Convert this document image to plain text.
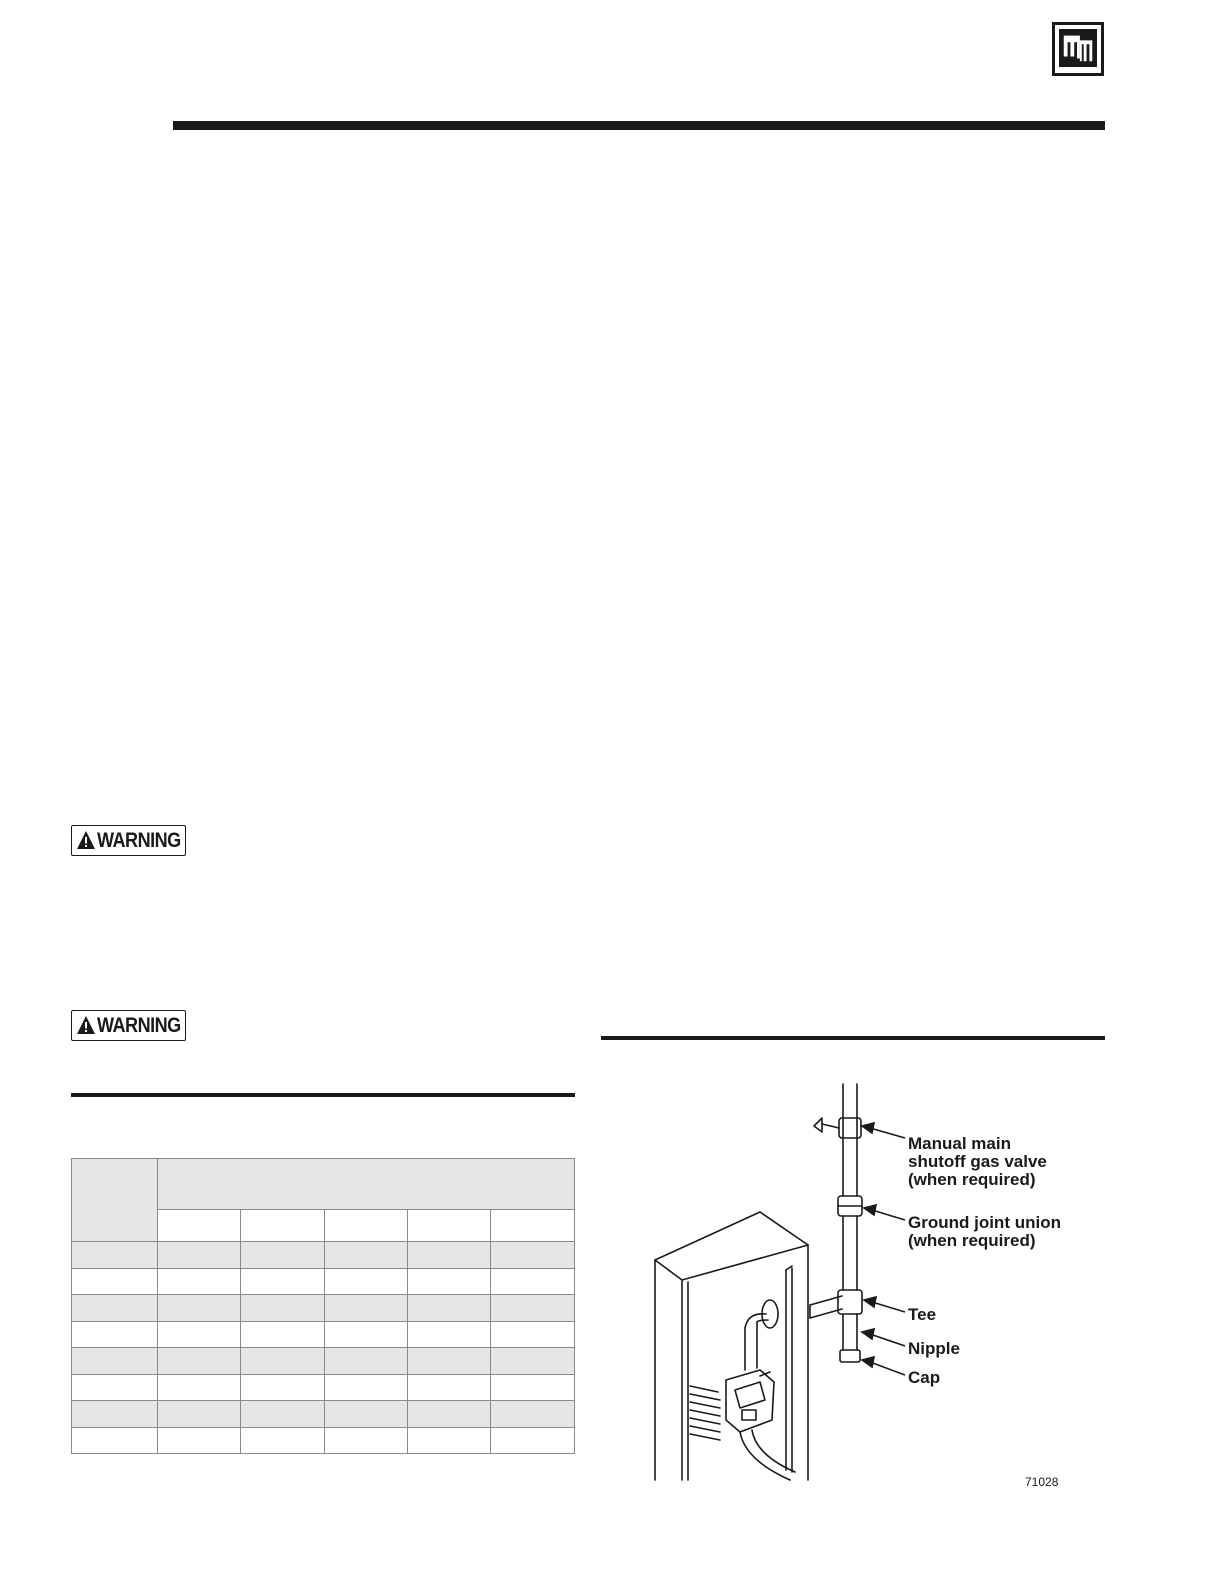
WARNING
WARNING

Manual main
shutoff gas valve
(when required)
Ground joint union
(when required)
Tee
Nipple
Cap
71028
